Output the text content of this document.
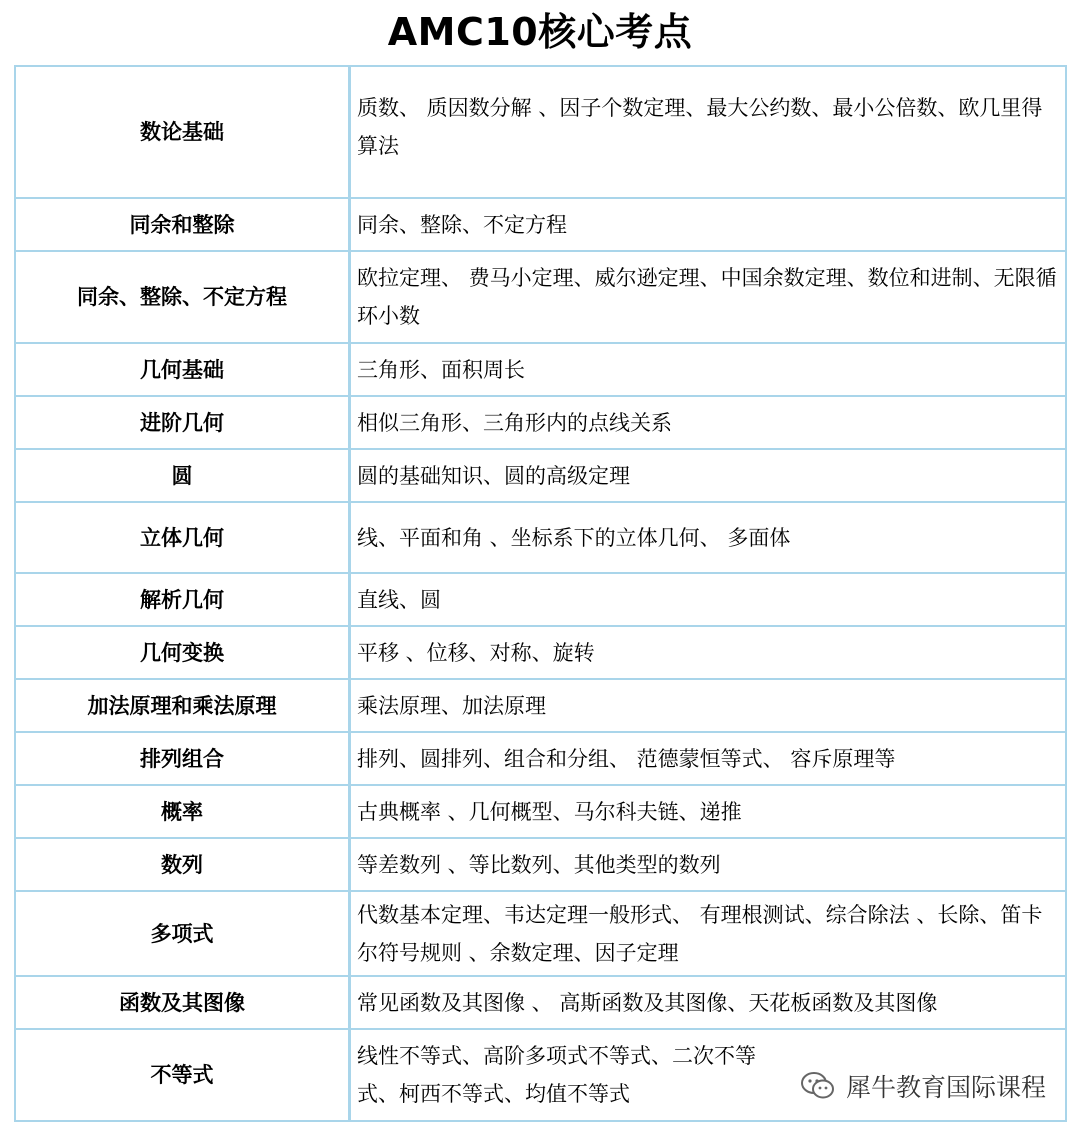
AMC10核心考点
数论基础	质数、 质因数分解 、因子个数定理、最大公约数、最小公倍数、欧几里得算法

同余和整除	同余、整除、不定方程
同余、整除、不定方程	欧拉定理、 费马小定理、威尔逊定理、中国余数定理、数位和进制、无限循环小数
几何基础	三角形、面积周长
进阶几何	相似三角形、三角形内的点线关系
圆	圆的基础知识、圆的高级定理
立体几何	线、平面和角 、坐标系下的立体几何、 多面体
解析几何	直线、圆
几何变换	平移 、位移、对称、旋转
加法原理和乘法原理	乘法原理、加法原理
排列组合	排列、圆排列、组合和分组、 范德蒙恒等式、 容斥原理等
概率	古典概率 、几何概型、马尔科夫链、递推
数列	等差数列 、等比数列、其他类型的数列
多项式	代数基本定理、韦达定理一般形式、 有理根测试、综合除法 、长除、笛卡尔符号规则 、余数定理、因子定理
函数及其图像	常见函数及其图像 、 高斯函数及其图像、天花板函数及其图像
不等式	线性不等式、高阶多项式不等式、二次不等式、柯西不等式、均值不等式	犀牛教育国际课程
